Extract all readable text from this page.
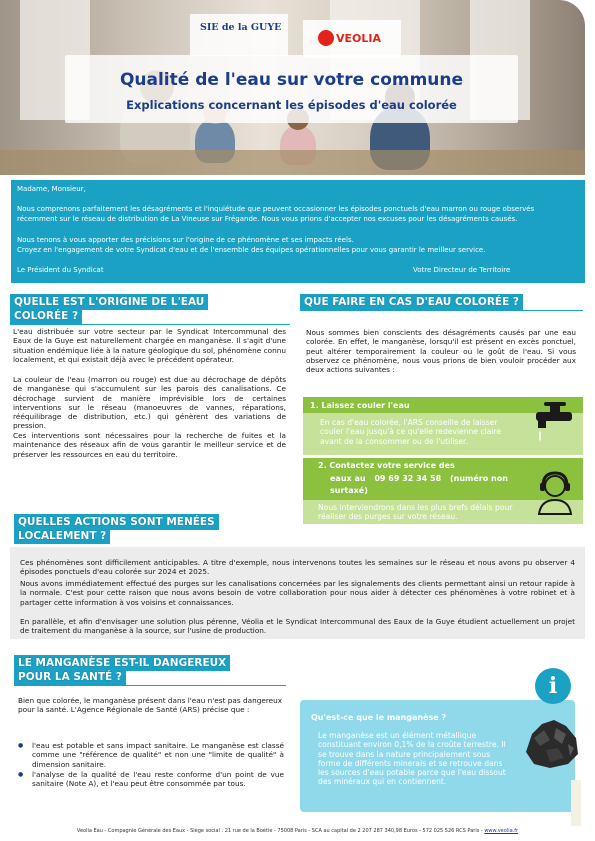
SIE de la GUYE
VEOLIA
Qualité de l'eau sur votre commune
Explications concernant les épisodes d'eau colorée

Madame, Monsieur,

Nous comprenons parfaitement les désagréments et l'inquiétude que peuvent occasionner les épisodes ponctuels d'eau marron ou rouge observés récemment sur le réseau de distribution de La Vineuse sur Frégande. Nous vous prions d'accepter nos excuses pour les désagréments causés.

Nous tenons à vous apporter des précisions sur l'origine de ce phénomène et ses impacts réels.

Croyez en l'engagement de votre Syndicat d'eau et de l'ensemble des équipes opérationnelles pour vous garantir le meilleur service.

Le Président du Syndicat	Votre Directeur de Territoire

QUELLE EST L'ORIGINE DE L'EAU
COLORÉE ?
L'eau distribuée sur votre secteur par le Syndicat Intercommunal des Eaux de la Guye est naturellement chargée en manganèse. Il s'agit d'une situation endémique liée à la nature géologique du sol, phénomène connu localement, et qui existait déjà avec le précédent opérateur.
La couleur de l'eau (marron ou rouge) est due au décrochage de dépôts de manganèse qui s'accumulent sur les parois des canalisations. Ce décrochage survient de manière imprévisible lors de certaines interventions sur le réseau (manoeuvres de vannes, réparations, rééquilibrage de distribution, etc.) qui génèrent des variations de pression.
Ces interventions sont nécessaires pour la recherche de fuites et la maintenance des réseaux afin de vous garantir le meilleur service et de préserver les ressources en eau du territoire.
QUE FAIRE EN CAS D'EAU COLORÉE ?
Nous sommes bien conscients des désagréments causés par une eau colorée. En effet, le manganèse, lorsqu'il est présent en excès ponctuel, peut altérer temporairement la couleur ou le goût de l'eau. Si vous observez ce phénomène, nous vous prions de bien vouloir procéder aux deux actions suivantes :
1. Laissez couler l'eau
En cas d'eau colorée, l'ARS conseille de laisser couler l'eau jusqu'à ce qu'elle redevienne claire avant de la consommer ou de l'utiliser.
2. Contactez votre service des
eaux au 09 69 32 34 58 (numéro non
surtaxé)
Nous interviendrons dans les plus brefs délais pour réaliser des purges sur votre réseau.
QUELLES ACTIONS SONT MENÉES
LOCALEMENT ?
Ces phénomènes sont difficilement anticipables. A titre d'exemple, nous intervenons toutes les semaines sur le réseau et nous avons pu observer 4 épisodes ponctuels d'eau colorée sur 2024 et 2025.
Nous avons immédiatement effectué des purges sur les canalisations concernées par les signalements des clients permettant ainsi un retour rapide à la normale. C'est pour cette raison que nous avons besoin de votre collaboration pour nous aider à détecter ces phénomènes à votre robinet et à partager cette information à vos voisins et connaissances.
En parallèle, et afin d'envisager une solution plus pérenne, Véolia et le Syndicat Intercommunal des Eaux de la Guye étudient actuellement un projet de traitement du manganèse à la source, sur l'usine de production.
LE MANGANÈSE EST-IL DANGEREUX
POUR LA SANTÉ ?
Bien que colorée, le manganèse présent dans l'eau n'est pas dangereux pour la santé. L'Agence Régionale de Santé (ARS) précise que :
● l'eau est potable et sans impact sanitaire. Le manganèse est classé comme une "référence de qualité" et non une "limite de qualité" à dimension sanitaire.
● l'analyse de la qualité de l'eau reste conforme d'un point de vue sanitaire (Note A), et l'eau peut être consommée par tous.
i
Qu'est-ce que le manganèse ?
Le manganèse est un élément métallique constituant environ 0,1% de la croûte terrestre. Il se trouve dans la nature principalement sous forme de différents minerais et se retrouve dans les sources d'eau potable parce que l'eau dissout des minéraux qui en contiennent.
Veolia Eau - Compagnie Générale des Eaux - Siège social : 21 rue de la Boétie - 75008 Paris - SCA au capital de 2 207 287 340,98 Euros - 572 025 526 RCS Paris - www.veolia.fr
